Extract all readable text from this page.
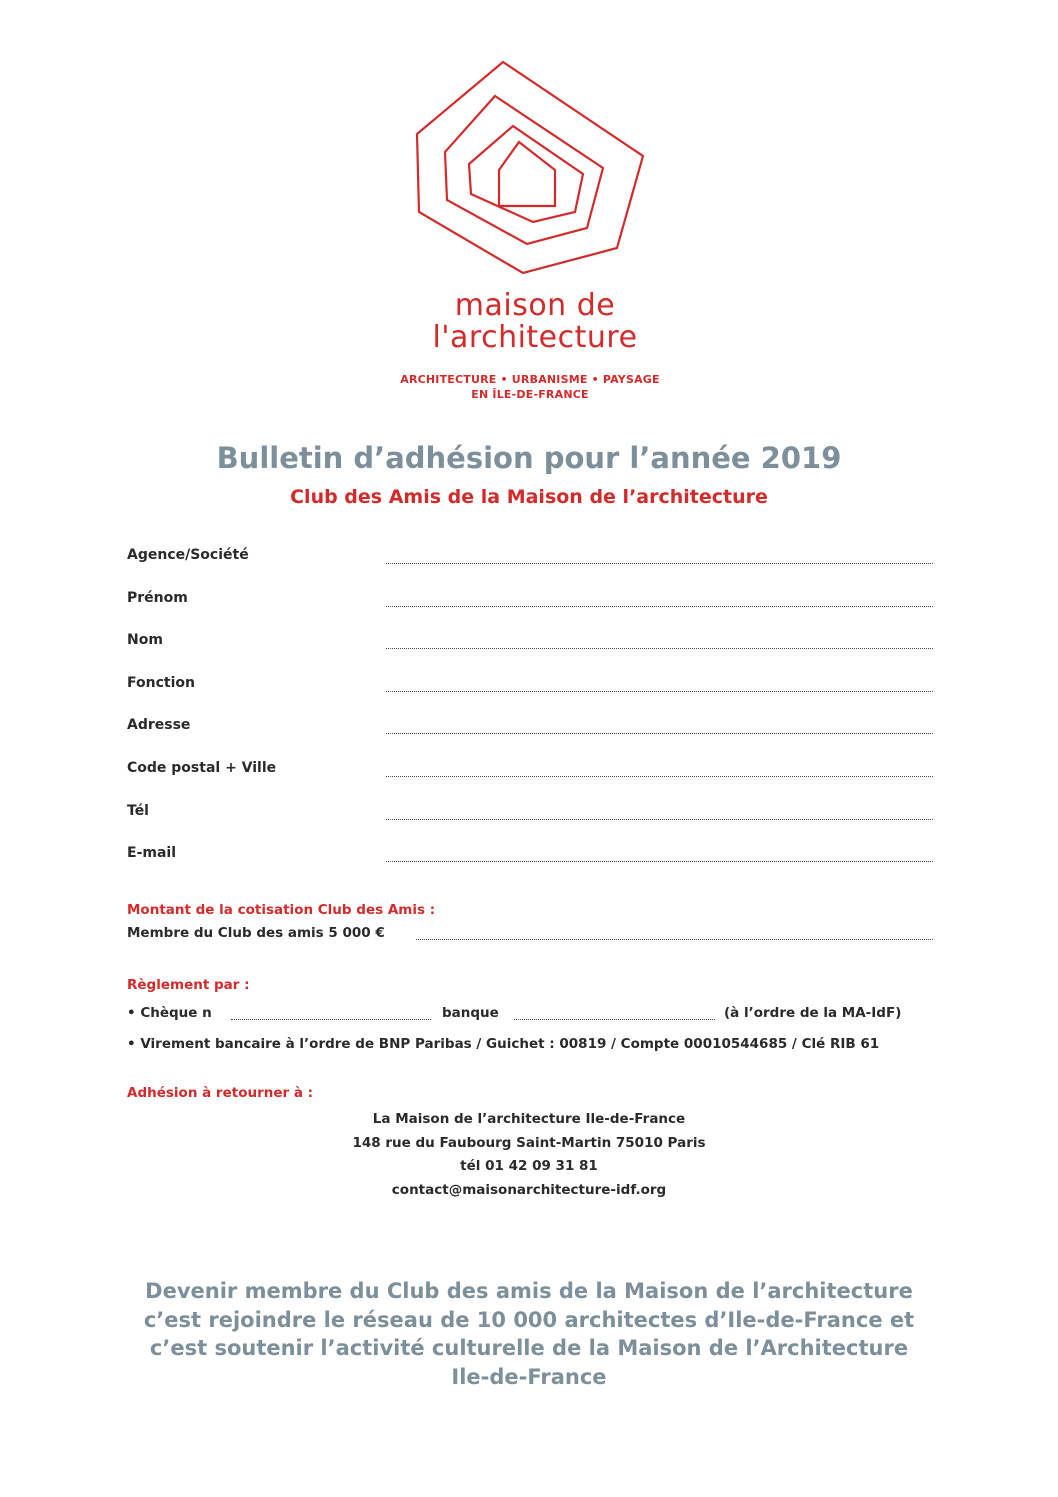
maison de
l'architecture
ARCHITECTURE • URBANISME • PAYSAGE
EN ÎLE-DE-FRANCE
Bulletin d’adhésion pour l’année 2019
Club des Amis de la Maison de l’architecture
Agence/Société
Prénom
Nom
Fonction
Adresse
Code postal + Ville
Tél
E-mail
Montant de la cotisation Club des Amis :
Membre du Club des amis 5 000 €
Règlement par :
• Chèque n	banque	(à l’ordre de la MA-IdF)
• Virement bancaire à l’ordre de BNP Paribas / Guichet : 00819 / Compte 00010544685 / Clé RIB 61
Adhésion à retourner à :
La Maison de l’architecture Ile-de-France
148 rue du Faubourg Saint-Martin 75010 Paris
tél 01 42 09 31 81
contact@maisonarchitecture-idf.org
Devenir membre du Club des amis de la Maison de l’architecture
c’est rejoindre le réseau de 10 000 architectes d’Ile-de-France et
c’est soutenir l’activité culturelle de la Maison de l’Architecture
Ile-de-France
